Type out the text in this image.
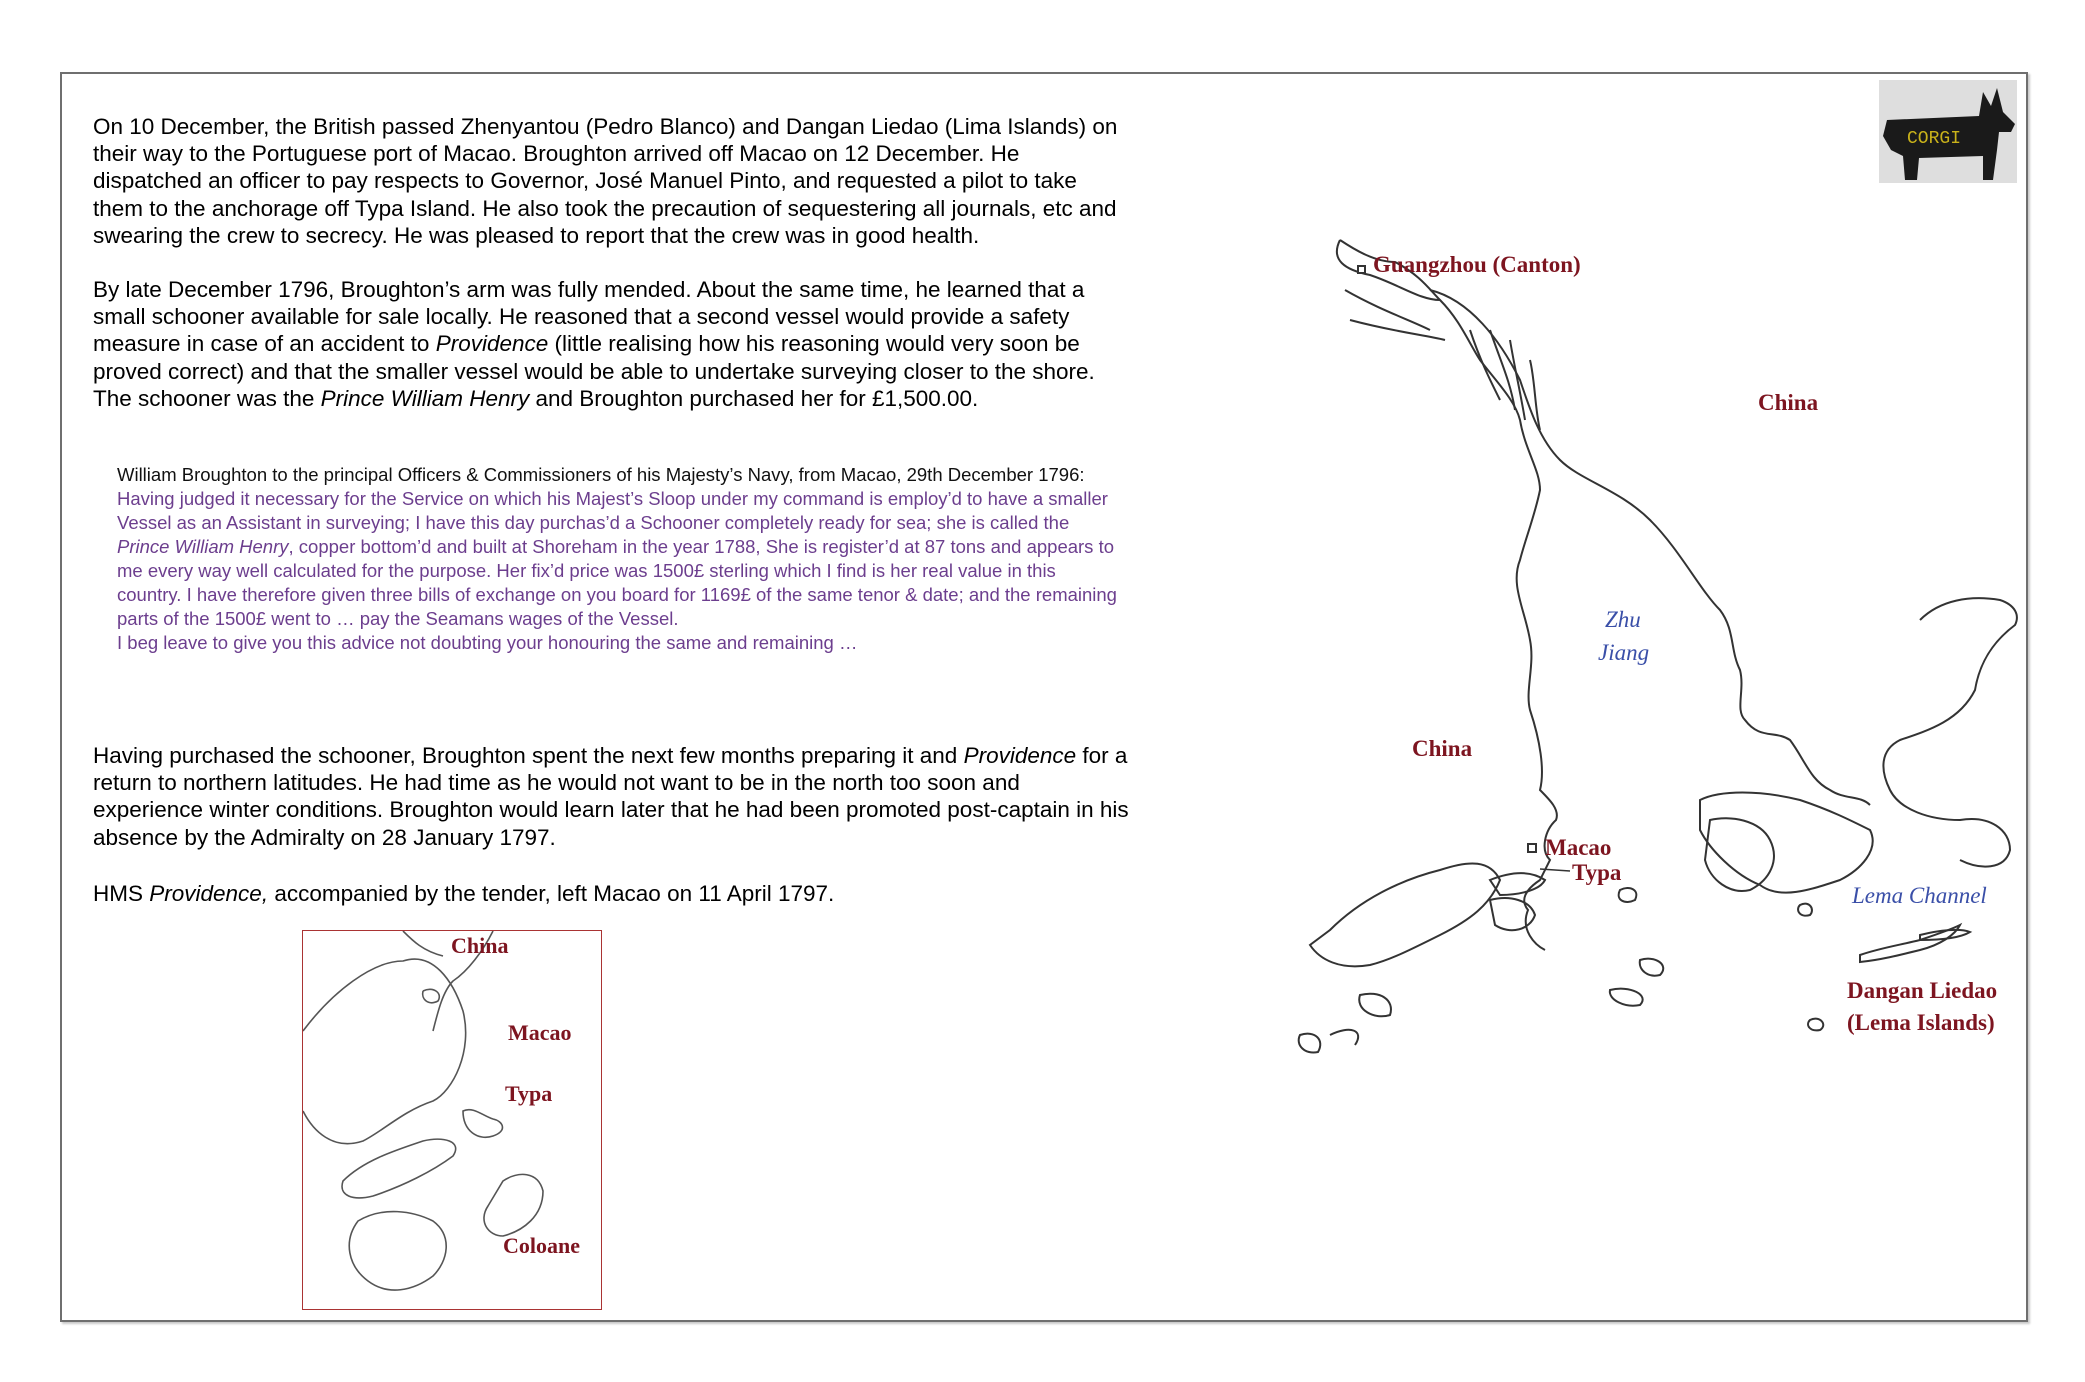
On 10 December, the British passed Zhenyantou (Pedro Blanco) and Dangan Liedao (Lima Islands) on their way to the Portuguese port of Macao. Broughton arrived off Macao on 12 December. He dispatched an officer to pay respects to Governor, José Manuel Pinto, and requested a pilot to take them to the anchorage off Typa Island. He also took the precaution of sequestering all journals, etc and swearing the crew to secrecy. He was pleased to report that the crew was in good health.

By late December 1796, Broughton’s arm was fully mended. About the same time, he learned that a small schooner available for sale locally. He reasoned that a second vessel would provide a safety measure in case of an accident to Providence (little realising how his reasoning would very soon be proved correct) and that the smaller vessel would be able to undertake surveying closer to the shore. The schooner was the Prince William Henry and Broughton purchased her for £1,500.00.

William Broughton to the principal Officers & Commissioners of his Majesty’s Navy, from Macao, 29th December 1796:
Having judged it necessary for the Service on which his Majest’s Sloop under my command is employ’d to have a smaller Vessel as an Assistant in surveying; I have this day purchas’d a Schooner completely ready for sea; she is called the Prince William Henry, copper bottom’d and built at Shoreham in the year 1788, She is register’d at 87 tons and appears to me every way well calculated for the purpose. Her fix’d price was 1500£ sterling which I find is her real value in this country. I have therefore given three bills of exchange on you board for 1169£ of the same tenor & date; and the remaining parts of the 1500£ went to … pay the Seamans wages of the Vessel.
I beg leave to give you this advice not doubting your honouring the same and remaining …

Having purchased the schooner, Broughton spent the next few months preparing it and Providence for a return to northern latitudes. He had time as he would not want to be in the north too soon and experience winter conditions. Broughton would learn later that he had been promoted post-captain in his absence by the Admiralty on 28 January 1797.

HMS Providence, accompanied by the tender, left Macao on 11 April 1797.

CORGI
Guangzhou (Canton)
China
China
Zhu
Jiang
Macao
Typa
Lema Channel
Dangan Liedao
(Lema Islands)
China
Macao
Typa
Coloane
